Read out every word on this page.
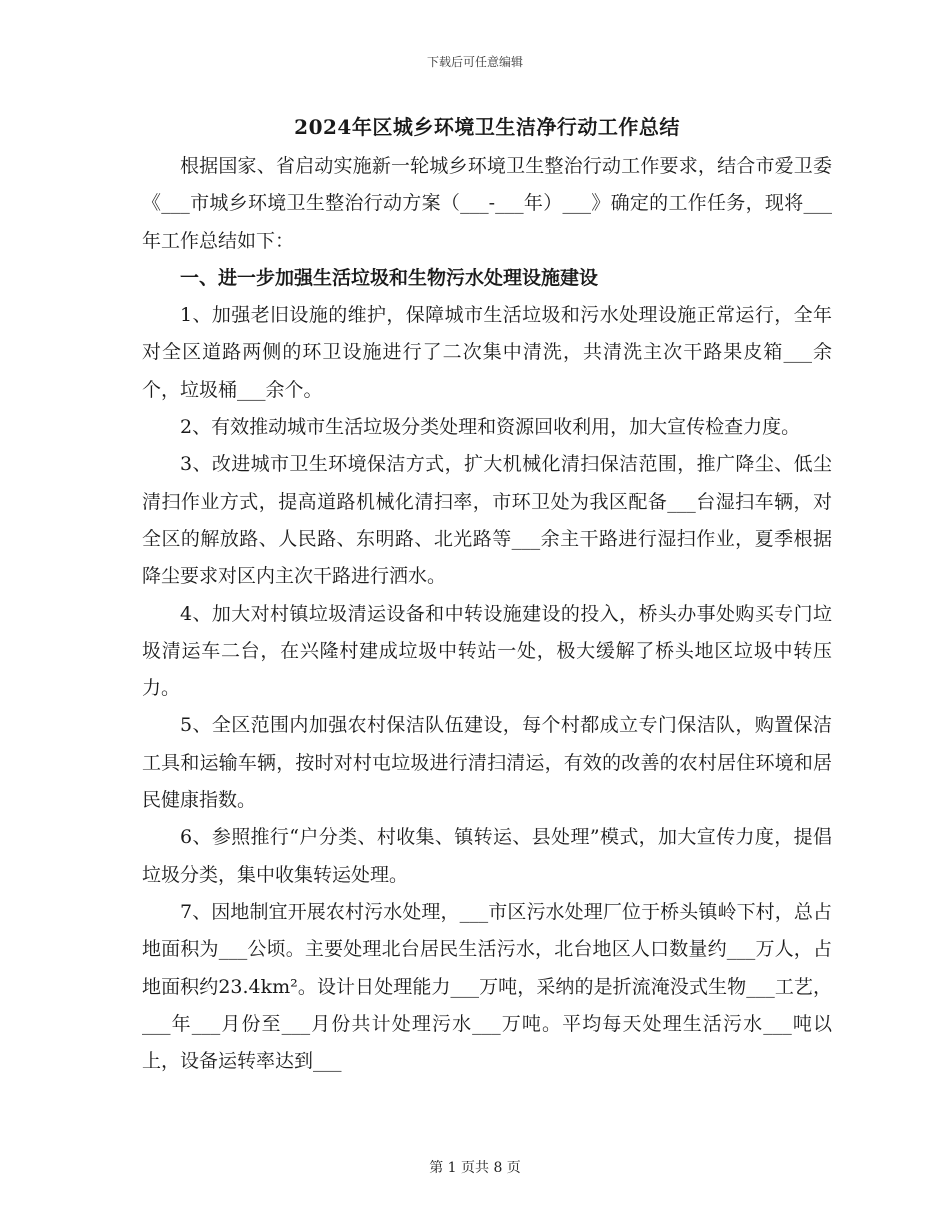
下载后可任意编辑
2024年区城乡环境卫生洁净行动工作总结

根据国家、省启动实施新一轮城乡环境卫生整治行动工作要求，结合市爱卫委《___市城乡环境卫生整治行动方案（___-___年）___》确定的工作任务，现将___年工作总结如下：

一、进一步加强生活垃圾和生物污水处理设施建设

1、加强老旧设施的维护，保障城市生活垃圾和污水处理设施正常运行，全年对全区道路两侧的环卫设施进行了二次集中清洗，共清洗主次干路果皮箱___余个，垃圾桶___余个。

2、有效推动城市生活垃圾分类处理和资源回收利用，加大宣传检查力度。

3、改进城市卫生环境保洁方式，扩大机械化清扫保洁范围，推广降尘、低尘清扫作业方式，提高道路机械化清扫率，市环卫处为我区配备___台湿扫车辆，对全区的解放路、人民路、东明路、北光路等___余主干路进行湿扫作业，夏季根据降尘要求对区内主次干路进行洒水。

4、加大对村镇垃圾清运设备和中转设施建设的投入，桥头办事处购买专门垃圾清运车二台，在兴隆村建成垃圾中转站一处，极大缓解了桥头地区垃圾中转压力。

5、全区范围内加强农村保洁队伍建设，每个村都成立专门保洁队，购置保洁工具和运输车辆，按时对村屯垃圾进行清扫清运，有效的改善的农村居住环境和居民健康指数。

6、参照推行“户分类、村收集、镇转运、县处理”模式，加大宣传力度，提倡垃圾分类，集中收集转运处理。

7、因地制宜开展农村污水处理，___市区污水处理厂位于桥头镇岭下村，总占地面积为___公顷。主要处理北台居民生活污水，北台地区人口数量约___万人，占地面积约23.4km²。设计日处理能力___万吨，采纳的是折流淹没式生物___工艺，___年___月份至___月份共计处理污水___万吨。平均每天处理生活污水___吨以上，设备运转率达到___

第 1 页共 8 页
